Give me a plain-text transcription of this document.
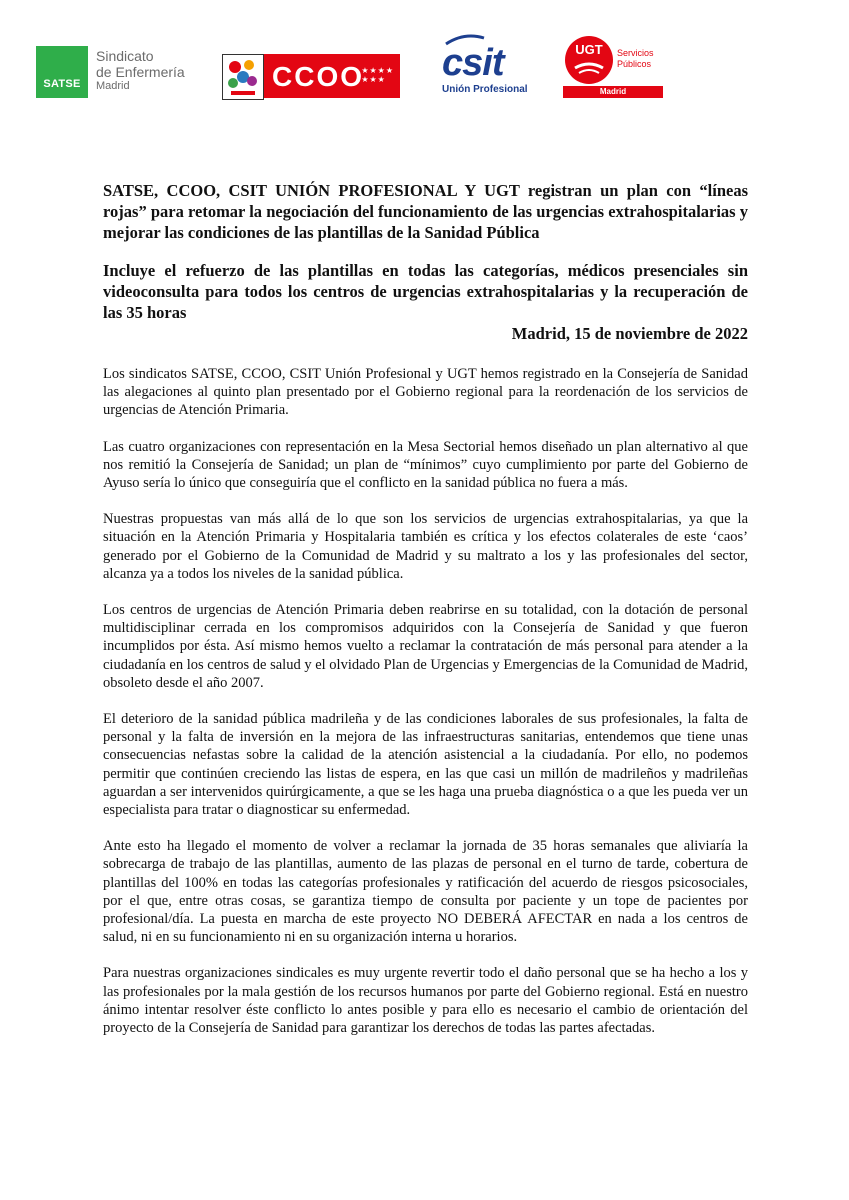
SATSE
Sindicato
de Enfermería
Madrid	CCOO
★★★★
★★★ csit
Unión Profesional
UGT	Servicios
Públicos
Madrid

SATSE, CCOO, CSIT UNIÓN PROFESIONAL Y UGT registran un plan con “líneas rojas” para retomar la negociación del funcionamiento de las urgencias extrahospitalarias y mejorar las condiciones de las plantillas de la Sanidad Pública

Incluye el refuerzo de las plantillas en todas las categorías, médicos presenciales sin videoconsulta para todos los centros de urgencias extrahospitalarias y la recuperación de las 35 horas

Madrid, 15 de noviembre de 2022

Los sindicatos SATSE, CCOO, CSIT Unión Profesional y UGT hemos registrado en la Consejería de Sanidad las alegaciones al quinto plan presentado por el Gobierno regional para la reordenación de los servicios de urgencias de Atención Primaria.

Las cuatro organizaciones con representación en la Mesa Sectorial hemos diseñado un plan alternativo al que nos remitió la Consejería de Sanidad; un plan de “mínimos” cuyo cumplimiento por parte del Gobierno de Ayuso sería lo único que conseguiría que el conflicto en la sanidad pública no fuera a más.

Nuestras propuestas van más allá de lo que son los servicios de urgencias extrahospitalarias, ya que la situación en la Atención Primaria y Hospitalaria también es crítica y los efectos colaterales de este ‘caos’ generado por el Gobierno de la Comunidad de Madrid y su maltrato a los y las profesionales del sector, alcanza ya a todos los niveles de la sanidad pública.

Los centros de urgencias de Atención Primaria deben reabrirse en su totalidad, con la dotación de personal multidisciplinar cerrada en los compromisos adquiridos con la Consejería de Sanidad y que fueron incumplidos por ésta. Así mismo hemos vuelto a reclamar la contratación de más personal para atender a la ciudadanía en los centros de salud y el olvidado Plan de Urgencias y Emergencias de la Comunidad de Madrid, obsoleto desde el año 2007.

El deterioro de la sanidad pública madrileña y de las condiciones laborales de sus profesionales, la falta de personal y la falta de inversión en la mejora de las infraestructuras sanitarias, entendemos que tiene unas consecuencias nefastas sobre la calidad de la atención asistencial a la ciudadanía. Por ello, no podemos permitir que continúen creciendo las listas de espera, en las que casi un millón de madrileños y madrileñas aguardan a ser intervenidos quirúrgicamente, a que se les haga una prueba diagnóstica o a que les pueda ver un especialista para tratar o diagnosticar su enfermedad.

Ante esto ha llegado el momento de volver a reclamar la jornada de 35 horas semanales que aliviaría la sobrecarga de trabajo de las plantillas, aumento de las plazas de personal en el turno de tarde, cobertura de plantillas del 100% en todas las categorías profesionales y ratificación del acuerdo de riesgos psicosociales, por el que, entre otras cosas, se garantiza tiempo de consulta por paciente y un tope de pacientes por profesional/día. La puesta en marcha de este proyecto NO DEBERÁ AFECTAR en nada a los centros de salud, ni en su funcionamiento ni en su organización interna u horarios.

Para nuestras organizaciones sindicales es muy urgente revertir todo el daño personal que se ha hecho a los y las profesionales por la mala gestión de los recursos humanos por parte del Gobierno regional. Está en nuestro ánimo intentar resolver éste conflicto lo antes posible y para ello es necesario el cambio de orientación del proyecto de la Consejería de Sanidad para garantizar los derechos de todas las partes afectadas.
